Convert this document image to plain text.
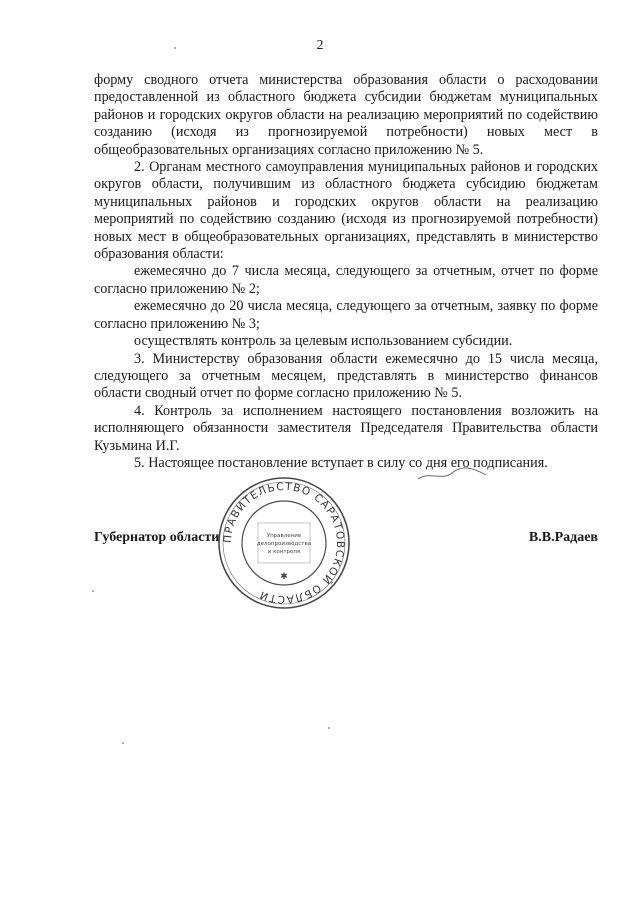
2

форму сводного отчета министерства образования области о расходовании предоставленной из областного бюджета субсидии бюджетам муниципальных районов и городских округов области на реализацию мероприятий по содействию созданию (исходя из прогнозируемой потребности) новых мест в общеобразовательных организациях согласно приложению № 5.

2. Органам местного самоуправления муниципальных районов и городских округов области, получившим из областного бюджета субсидию бюджетам муниципальных районов и городских округов области на реализацию мероприятий по содействию созданию (исходя из прогнозируемой потребности) новых мест в общеобразовательных организациях, представлять в министерство образования области:

ежемесячно до 7 числа месяца, следующего за отчетным, отчет по форме согласно приложению № 2;

ежемесячно до 20 числа месяца, следующего за отчетным, заявку по форме согласно приложению № 3;

осуществлять контроль за целевым использованием субсидии.

3. Министерству образования области ежемесячно до 15 числа месяца, следующего за отчетным месяцем, представлять в министерство финансов области сводный отчет по форме согласно приложению № 5.

4. Контроль за исполнением настоящего постановления возложить на исполняющего обязанности заместителя Председателя Правительства области Кузьмина И.Г.

5. Настоящее постановление вступает в силу со дня его подписания.

Губернатор области	В.В.Радаев
ПРАВИТЕЛЬСТВО САРАТОВСКОЙ ОБЛАСТИ
Управление
делопроизводства
и контроля
✱
